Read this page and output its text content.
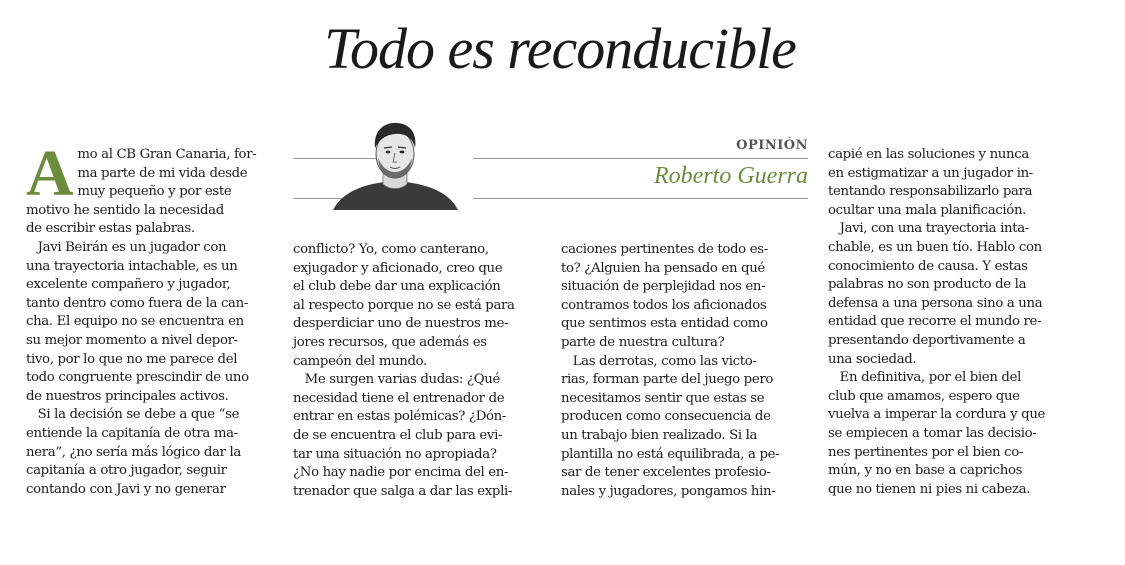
Todo es reconducible
OPINIÓN
Roberto Guerra
A mo al CB Gran Canaria, for-

ma parte de mi vida desde

muy pequeño y por este

motivo he sentido la necesidad

de escribir estas palabras.

Javi Beirán es un jugador con

una trayectoria intachable, es un

excelente compañero y jugador,

tanto dentro como fuera de la can-

cha. El equipo no se encuentra en

su mejor momento a nivel depor-

tivo, por lo que no me parece del

todo congruente prescindir de uno

de nuestros principales activos.

Si la decisión se debe a que “se

entiende la capitanía de otra ma-

nera”, ¿no sería más lógico dar la

capitanía a otro jugador, seguir

contando con Javi y no generar

conflicto? Yo, como canterano,

exjugador y aficionado, creo que

el club debe dar una explicación

al respecto porque no se está para

desperdiciar uno de nuestros me-

jores recursos, que además es

campeón del mundo.

Me surgen varias dudas: ¿Qué

necesidad tiene el entrenador de

entrar en estas polémicas? ¿Dón-

de se encuentra el club para evi-

tar una situación no apropiada?

¿No hay nadie por encima del en-

trenador que salga a dar las expli-

caciones pertinentes de todo es-

to? ¿Alguien ha pensado en qué

situación de perplejidad nos en-

contramos todos los aficionados

que sentimos esta entidad como

parte de nuestra cultura?

Las derrotas, como las victo-

rias, forman parte del juego pero

necesitamos sentir que estas se

producen como consecuencia de

un trabajo bien realizado. Si la

plantilla no está equilibrada, a pe-

sar de tener excelentes profesio-

nales y jugadores, pongamos hin-

capié en las soluciones y nunca

en estigmatizar a un jugador in-

tentando responsabilizarlo para

ocultar una mala planificación.

Javi, con una trayectoria inta-

chable, es un buen tío. Hablo con

conocimiento de causa. Y estas

palabras no son producto de la

defensa a una persona sino a una

entidad que recorre el mundo re-

presentando deportivamente a

una sociedad.

En definitiva, por el bien del

club que amamos, espero que

vuelva a imperar la cordura y que

se empiecen a tomar las decisio-

nes pertinentes por el bien co-

mún, y no en base a caprichos

que no tienen ni pies ni cabeza.
